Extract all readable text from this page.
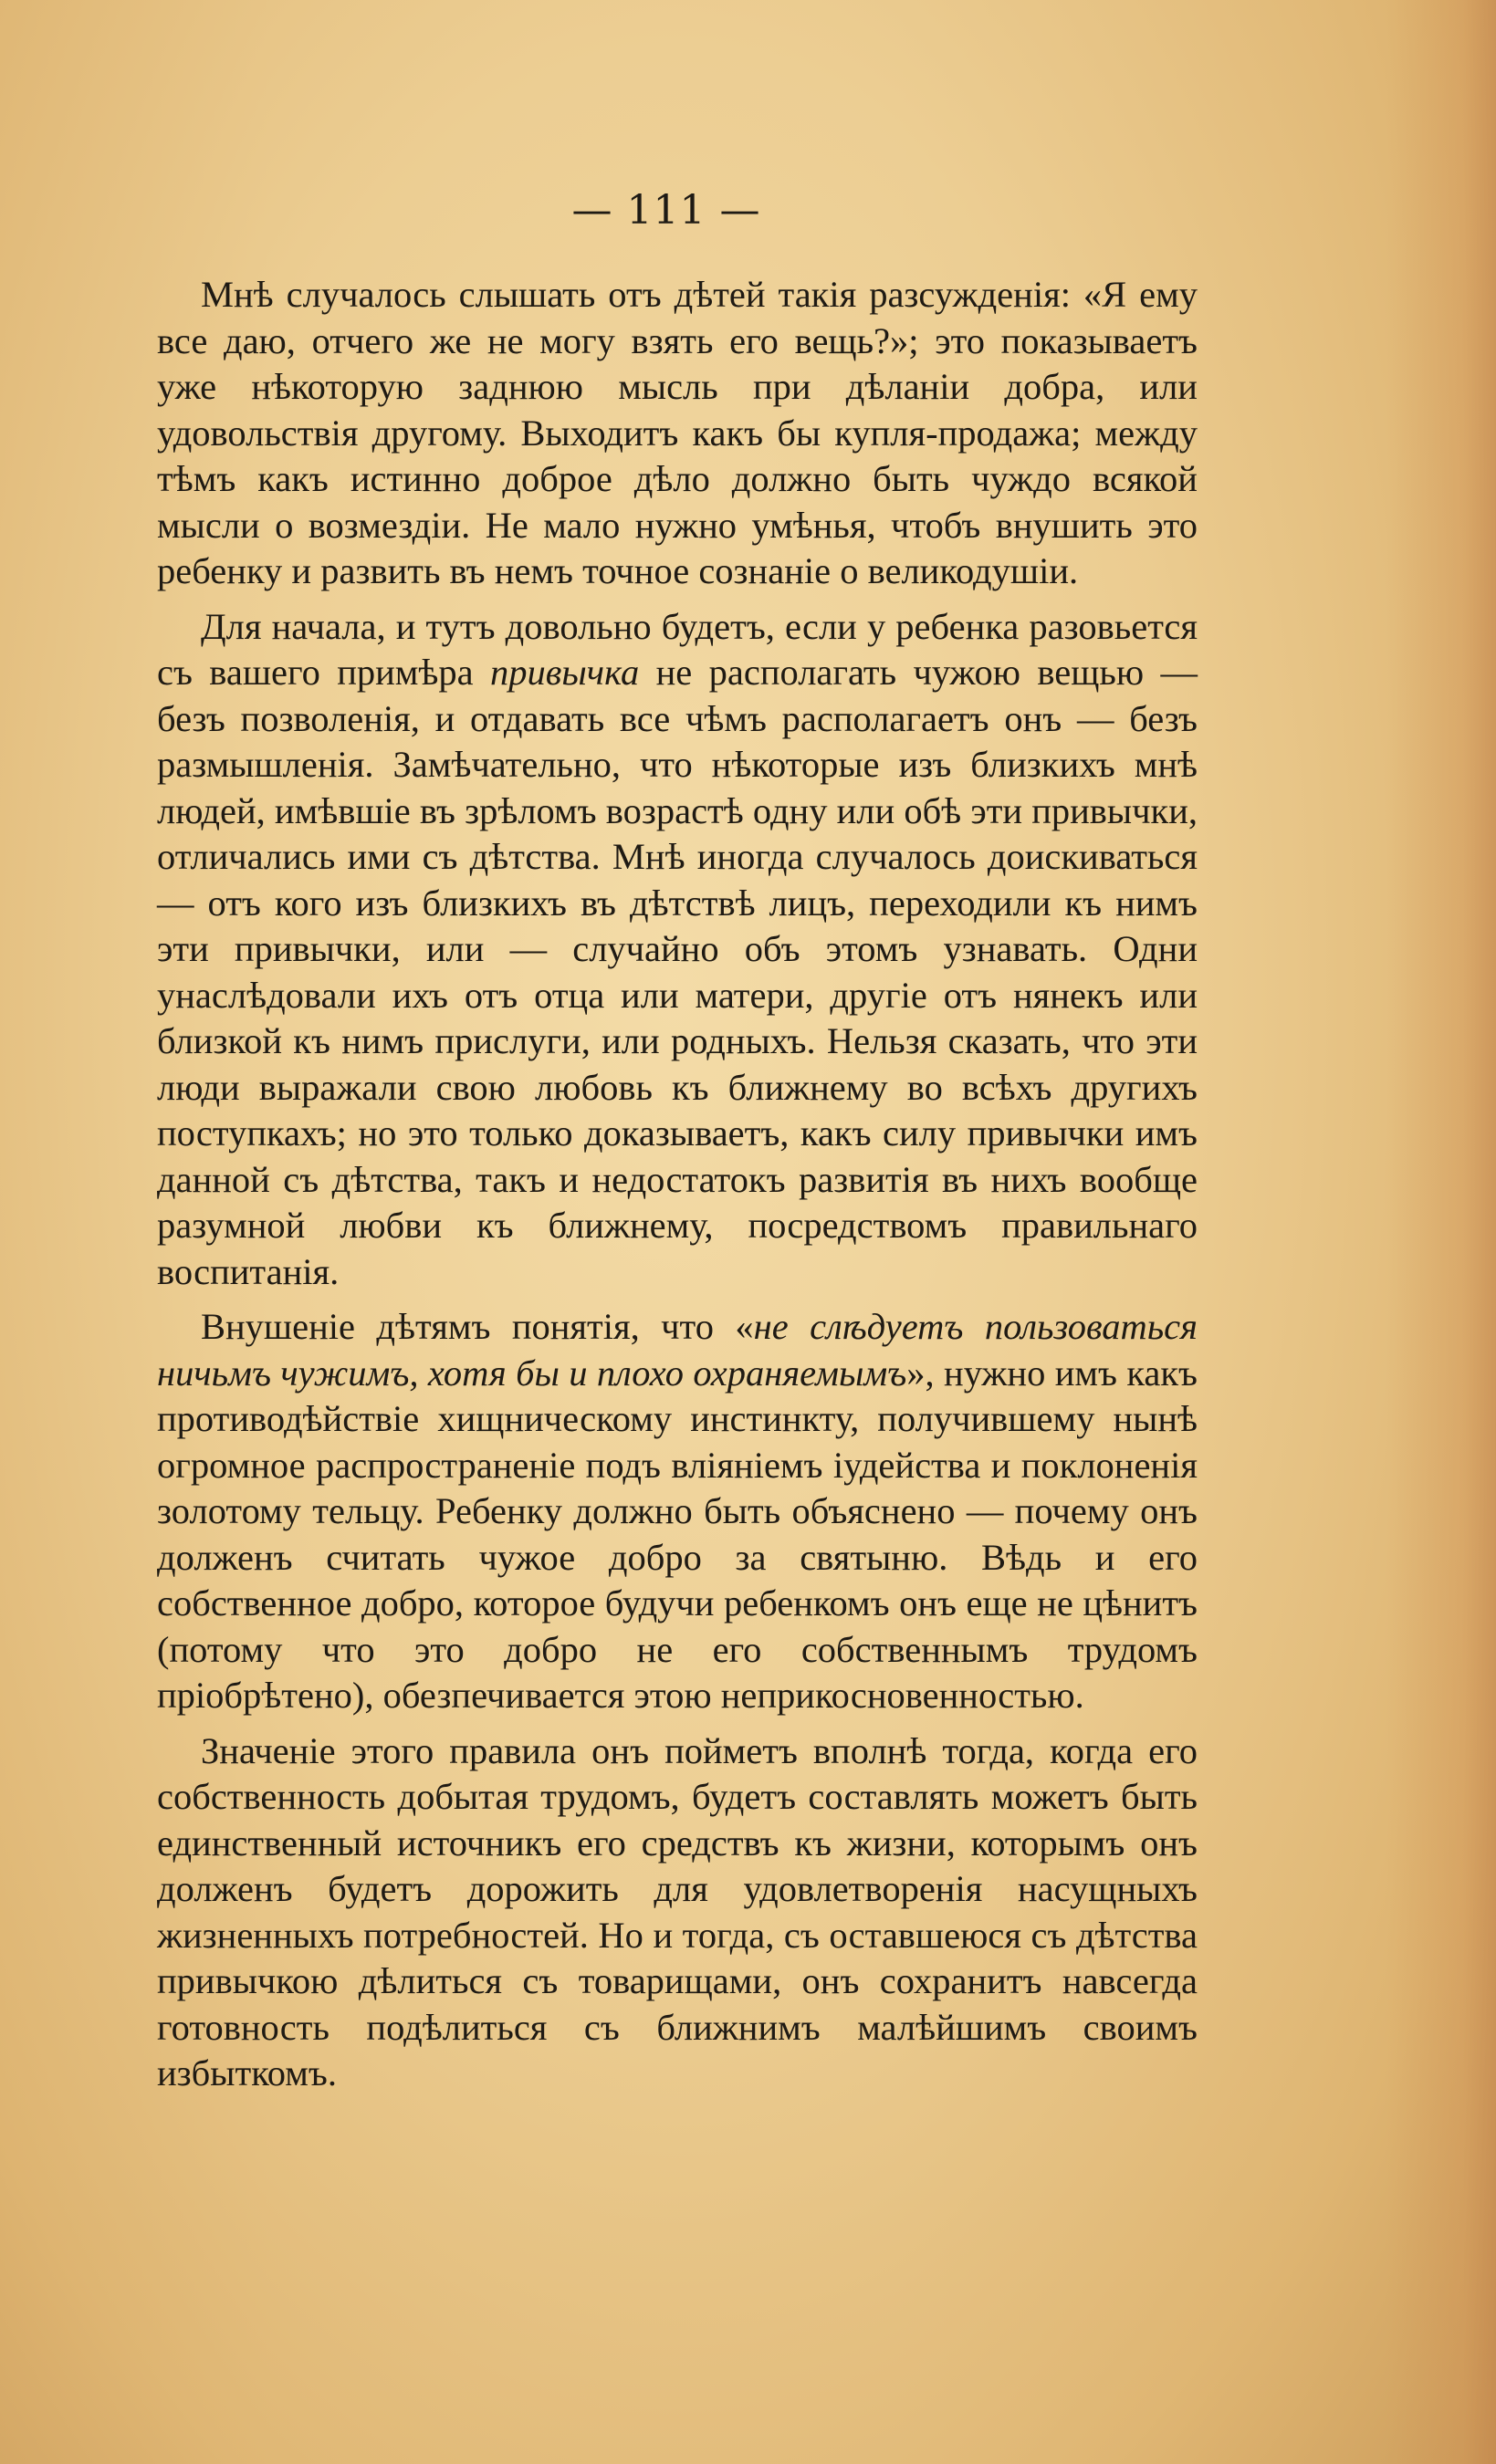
— 111 —

Мнѣ случалось слышать отъ дѣтей такія разсужденія: «Я ему все даю, отчего же не могу взять его вещь?»; это показываетъ уже нѣкоторую заднюю мысль при дѣланіи добра, или удовольствія другому. Выходитъ какъ бы купля-продажа; между тѣмъ какъ истинно доброе дѣло должно быть чуждо всякой мысли о возмездіи. Не мало нужно умѣнья, чтобъ внушить это ребенку и развить въ немъ точное сознаніе о великодушіи.

Для начала, и тутъ довольно будетъ, если у ребенка разовьется съ вашего примѣра привычка не располагать чужою вещью — безъ позволенія, и отдавать все чѣмъ располагаетъ онъ — безъ размышленія. Замѣчательно, что нѣкоторые изъ близкихъ мнѣ людей, имѣвшіе въ зрѣломъ возрастѣ одну или обѣ эти привычки, отличались ими съ дѣтства. Мнѣ иногда случалось доискиваться — отъ кого изъ близкихъ въ дѣтствѣ лицъ, переходили къ нимъ эти привычки, или — случайно объ этомъ узнавать. Одни унаслѣдовали ихъ отъ отца или матери, другіе отъ нянекъ или близкой къ нимъ прислуги, или родныхъ. Нельзя сказать, что эти люди выражали свою любовь къ ближнему во всѣхъ другихъ поступкахъ; но это только доказываетъ, какъ силу привычки имъ данной съ дѣтства, такъ и недостатокъ развитія въ нихъ вообще разумной любви къ ближнему, посредствомъ правильнаго воспитанія.

Внушеніе дѣтямъ понятія, что «не слѣдуетъ пользоваться ничьмъ чужимъ, хотя бы и плохо охраняемымъ», нужно имъ какъ противодѣйствіе хищническому инстинкту, получившему нынѣ огромное распространеніе подъ вліяніемъ іудейства и поклоненія золотому тельцу. Ребенку должно быть объяснено — почему онъ долженъ считать чужое добро за святыню. Вѣдь и его собственное добро, которое будучи ребенкомъ онъ еще не цѣнитъ (потому что это добро не его собственнымъ трудомъ пріобрѣтено), обезпечивается этою неприкосновенностью.

Значеніе этого правила онъ пойметъ вполнѣ тогда, когда его собственность добытая трудомъ, будетъ составлять можетъ быть единственный источникъ его средствъ къ жизни, которымъ онъ долженъ будетъ дорожить для удовлетворенія насущныхъ жизненныхъ потребностей. Но и тогда, съ оставшеюся съ дѣтства привычкою дѣлиться съ товарищами, онъ сохранитъ навсегда готовность подѣлиться съ ближнимъ малѣйшимъ своимъ избыткомъ.
